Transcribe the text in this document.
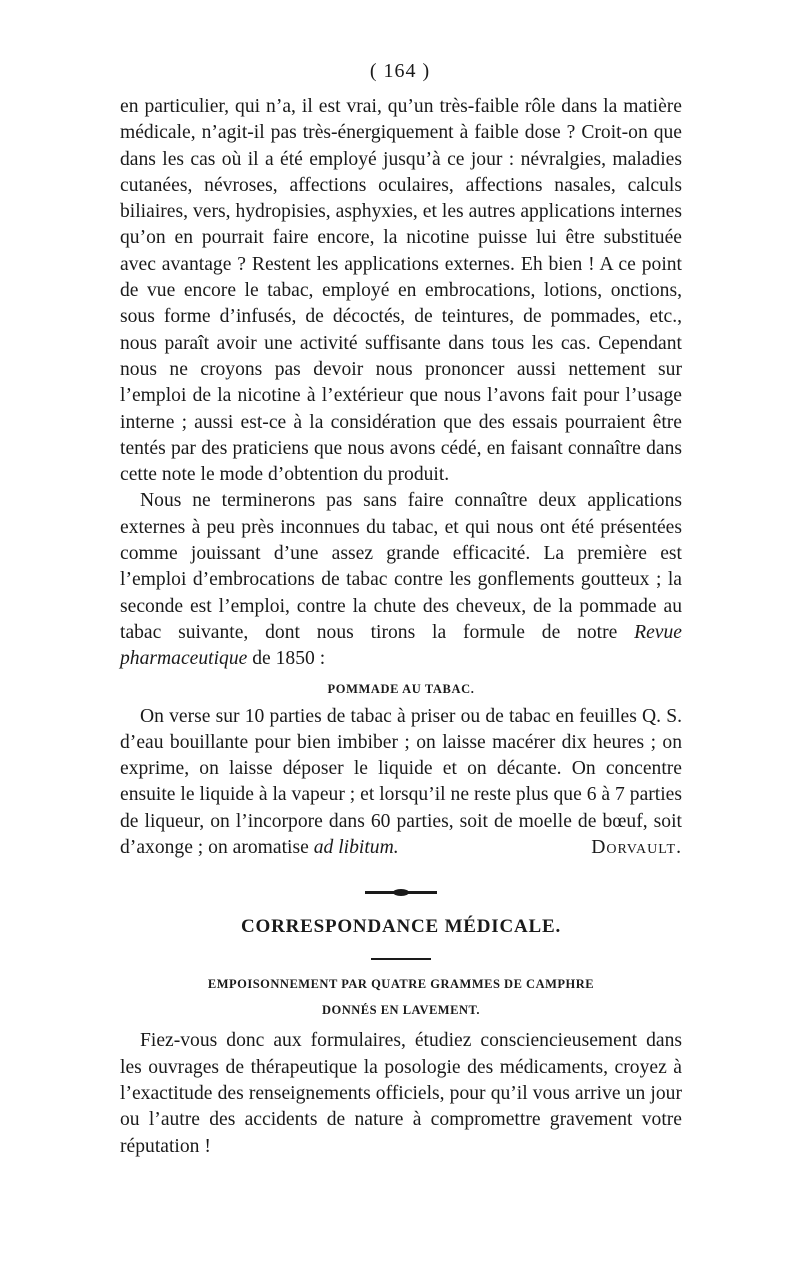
( 164 )

en particulier, qui n’a, il est vrai, qu’un très-faible rôle dans la matière médicale, n’agit-il pas très-énergiquement à faible dose ? Croit-on que dans les cas où il a été employé jusqu’à ce jour : névralgies, maladies cutanées, névroses, affections oculaires, affections nasales, calculs biliaires, vers, hydropisies, asphyxies, et les autres applications internes qu’on en pourrait faire encore, la nicotine puisse lui être substituée avec avantage ? Restent les applications externes. Eh bien ! A ce point de vue encore le tabac, employé en embrocations, lotions, onctions, sous forme d’infusés, de décoctés, de teintures, de pommades, etc., nous paraît avoir une activité suffisante dans tous les cas. Cependant nous ne croyons pas devoir nous prononcer aussi nettement sur l’emploi de la nicotine à l’extérieur que nous l’avons fait pour l’usage interne ; aussi est-ce à la considération que des essais pourraient être tentés par des praticiens que nous avons cédé, en faisant connaître dans cette note le mode d’obtention du produit.

Nous ne terminerons pas sans faire connaître deux applications externes à peu près inconnues du tabac, et qui nous ont été présentées comme jouissant d’une assez grande efficacité. La première est l’emploi d’embrocations de tabac contre les gonflements goutteux ; la seconde est l’emploi, contre la chute des cheveux, de la pommade au tabac suivante, dont nous tirons la formule de notre Revue pharmaceutique de 1850 :

POMMADE AU TABAC.

On verse sur 10 parties de tabac à priser ou de tabac en feuilles Q. S. d’eau bouillante pour bien imbiber ; on laisse macérer dix heures ; on exprime, on laisse déposer le liquide et on décante. On concentre ensuite le liquide à la vapeur ; et lorsqu’il ne reste plus que 6 à 7 parties de liqueur, on l’incorpore dans 60 parties, soit de moelle de bœuf, soit d’axonge ; on aromatise ad libitum.	Dorvault.

CORRESPONDANCE MÉDICALE.
EMPOISONNEMENT PAR QUATRE GRAMMES DE CAMPHRE
DONNÉS EN LAVEMENT.

Fiez-vous donc aux formulaires, étudiez consciencieusement dans les ouvrages de thérapeutique la posologie des médicaments, croyez à l’exactitude des renseignements officiels, pour qu’il vous arrive un jour ou l’autre des accidents de nature à compromettre gravement votre réputation !
